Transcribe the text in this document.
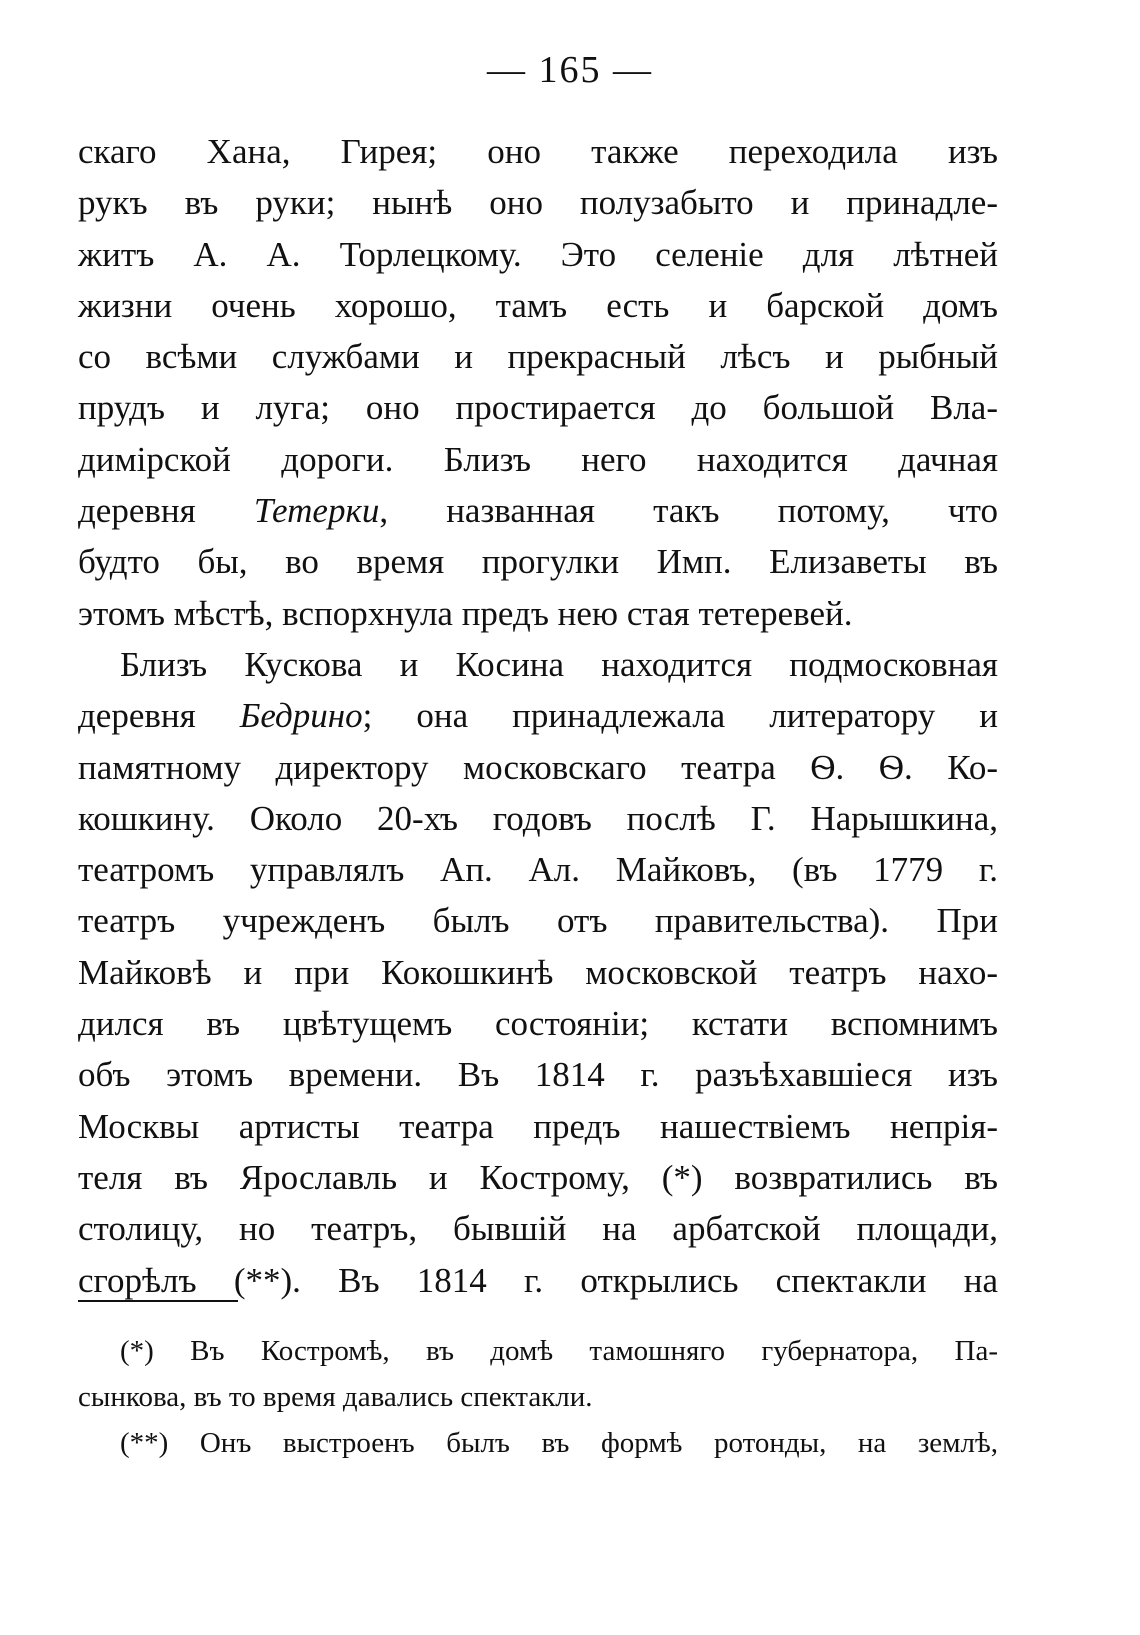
— 165 —
скаго Хана, Гирея; оно также переходила изъ
рукъ въ руки; нынѣ оно полузабыто и принадле-
житъ А. А. Торлецкому. Это селеніе для лѣтней
жизни очень хорошо, тамъ есть и барской домъ
со всѣми службами и прекрасный лѣсъ и рыбный
прудъ и луга; оно простирается до большой Вла-
димірской дороги. Близъ него находится дачная
деревня Тетерки, названная такъ потому, что
будто бы, во время прогулки Имп. Елизаветы въ
этомъ мѣстѣ, вспорхнула предъ нею стая тетеревей.
Близъ Кускова и Косина находится подмосковная
деревня Бедрино; она принадлежала литератору и
памятному директору московскаго театра Ѳ. Ѳ. Ко-
кошкину. Около 20-хъ годовъ послѣ Г. Нарышкина,
театромъ управлялъ Ап. Ал. Майковъ, (въ 1779 г.
театръ учрежденъ былъ отъ правительства). При
Майковѣ и при Кокошкинѣ московской театръ нахо-
дился въ цвѣтущемъ состояніи; кстати вспомнимъ
объ этомъ времени. Въ 1814 г. разъѣхавшіеся изъ
Москвы артисты театра предъ нашествіемъ непрія-
теля въ Ярославль и Кострому, (*) возвратились въ
столицу, но театръ, бывшій на арбатской площади,
сгорѣлъ (**). Въ 1814 г. открылись спектакли на
(*) Въ Костромѣ, въ домѣ тамошняго губернатора, Па-
сынкова, въ то время давались спектакли.
(**) Онъ выстроенъ былъ въ формѣ ротонды, на землѣ,
